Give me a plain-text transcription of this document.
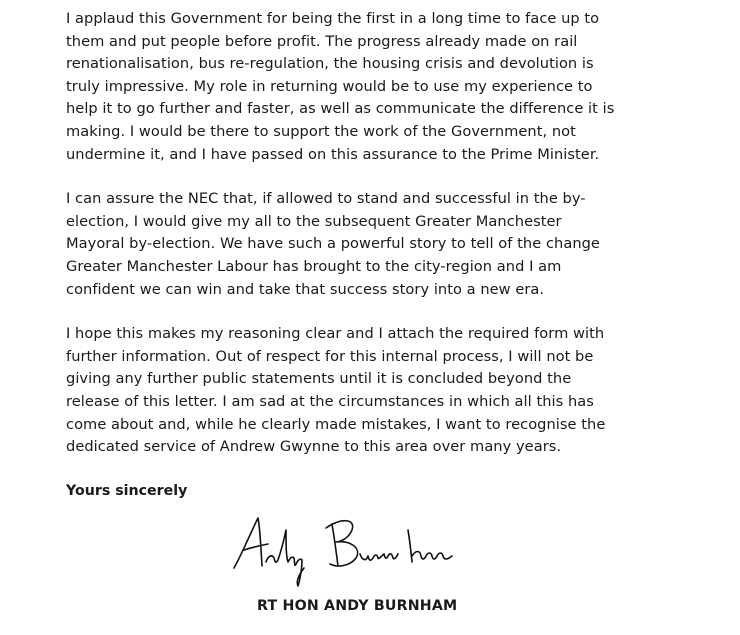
I applaud this Government for being the first in a long time to face up to
them and put people before profit. The progress already made on rail
renationalisation, bus re-regulation, the housing crisis and devolution is
truly impressive. My role in returning would be to use my experience to
help it to go further and faster, as well as communicate the difference it is
making. I would be there to support the work of the Government, not
undermine it, and I have passed on this assurance to the Prime Minister.

I can assure the NEC that, if allowed to stand and successful in the by-
election, I would give my all to the subsequent Greater Manchester
Mayoral by-election. We have such a powerful story to tell of the change
Greater Manchester Labour has brought to the city-region and I am
confident we can win and take that success story into a new era.

I hope this makes my reasoning clear and I attach the required form with
further information. Out of respect for this internal process, I will not be
giving any further public statements until it is concluded beyond the
release of this letter. I am sad at the circumstances in which all this has
come about and, while he clearly made mistakes, I want to recognise the
dedicated service of Andrew Gwynne to this area over many years.

Yours sincerely

RT HON ANDY BURNHAM
